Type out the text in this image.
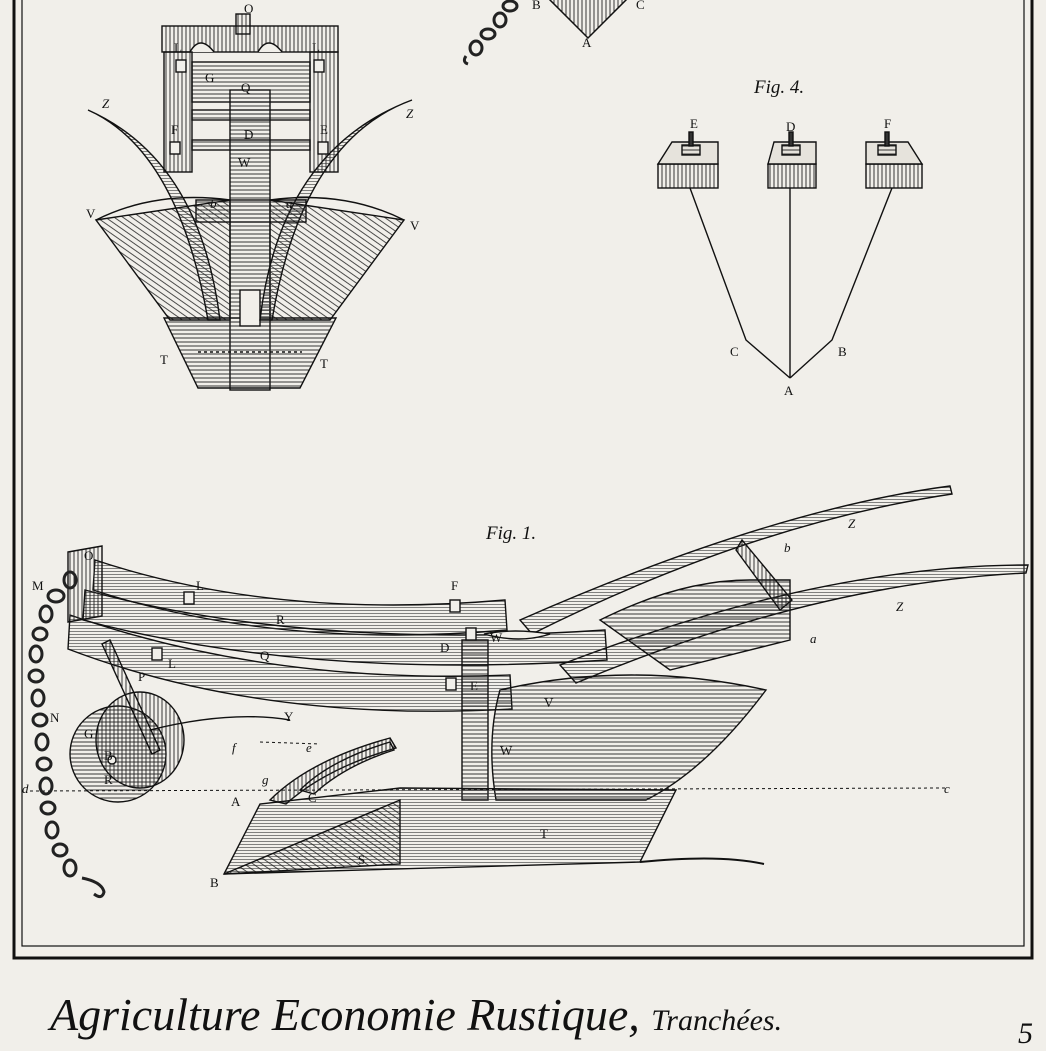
B	C
A
O
L	L
G
Q
Z
Z
F	E
D
W
V
V
b	a
T	T
Fig. 4.
E	D	F
C	B
A
Fig. 1.
O
M	L	F
R
Q
W
D
L
P
E
Y
V
N
G
B
R
f	e	W
d
g
A	C
c
B
S
T
b
Z
Z
a
Agriculture Economie Rustique, Tranchées.	5
